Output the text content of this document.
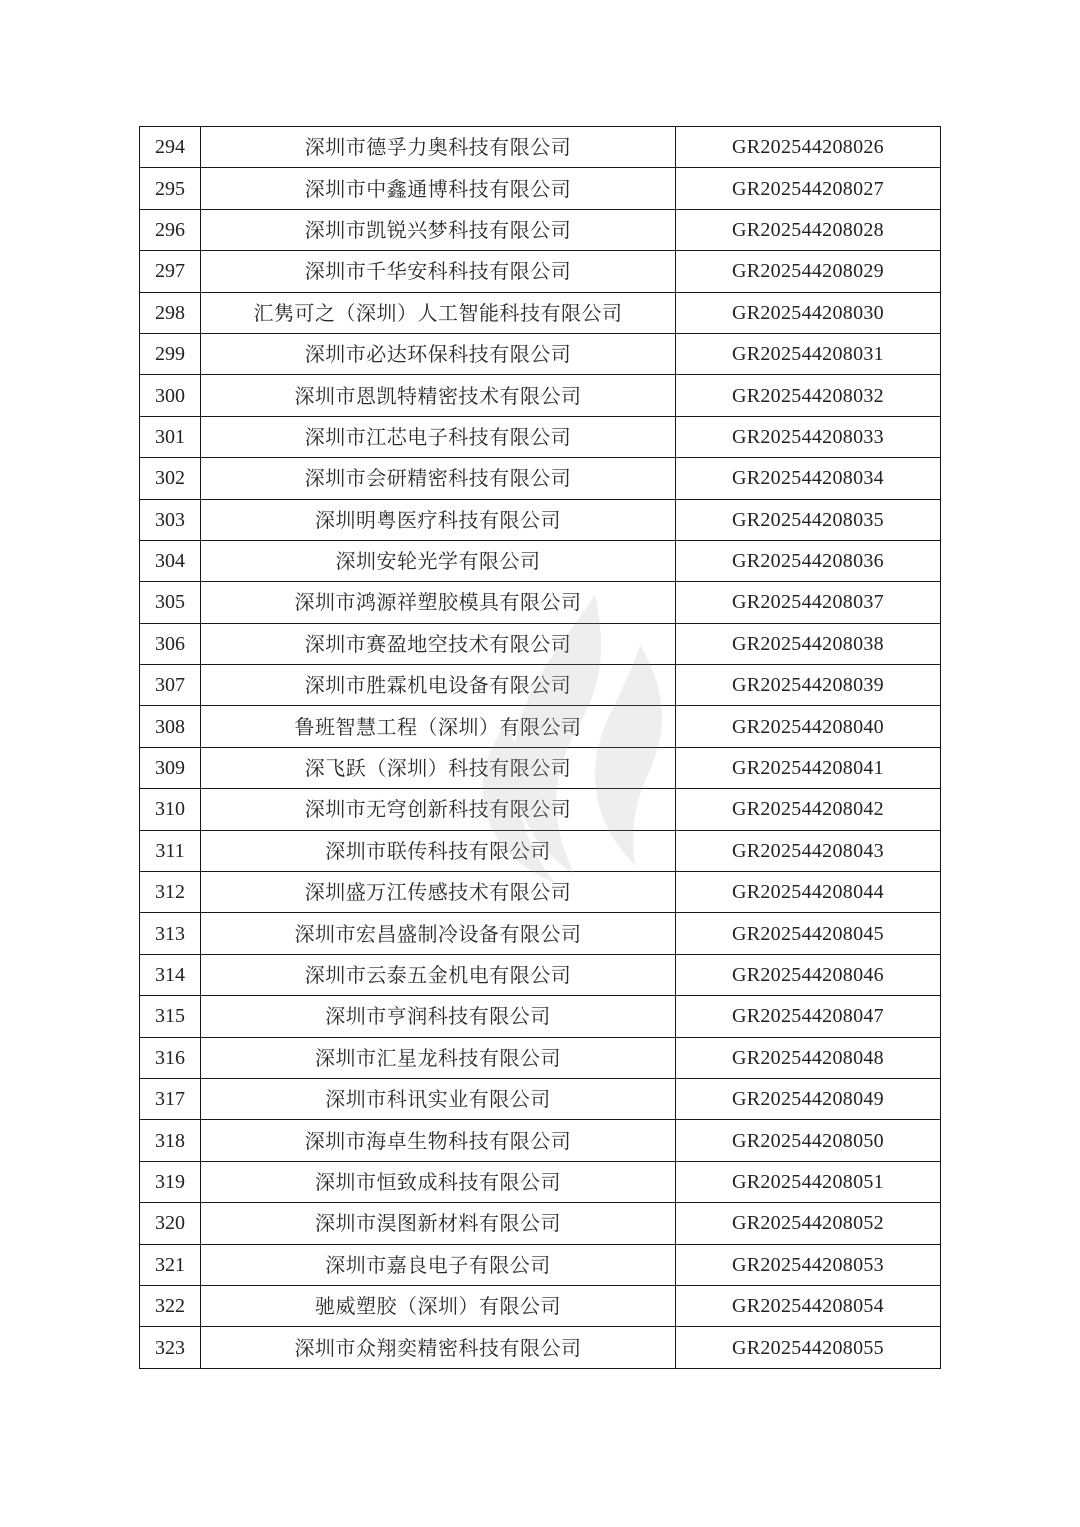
294	深圳市德孚力奥科技有限公司	GR202544208026
295	深圳市中鑫通博科技有限公司	GR202544208027
296	深圳市凯锐兴梦科技有限公司	GR202544208028
297	深圳市千华安科科技有限公司	GR202544208029
298	汇隽可之（深圳）人工智能科技有限公司	GR202544208030
299	深圳市必达环保科技有限公司	GR202544208031
300	深圳市恩凯特精密技术有限公司	GR202544208032
301	深圳市江芯电子科技有限公司	GR202544208033
302	深圳市会研精密科技有限公司	GR202544208034
303	深圳明粤医疗科技有限公司	GR202544208035
304	深圳安轮光学有限公司	GR202544208036
305	深圳市鸿源祥塑胶模具有限公司	GR202544208037
306	深圳市赛盈地空技术有限公司	GR202544208038
307	深圳市胜霖机电设备有限公司	GR202544208039
308	鲁班智慧工程（深圳）有限公司	GR202544208040
309	深飞跃（深圳）科技有限公司	GR202544208041
310	深圳市无穹创新科技有限公司	GR202544208042
311	深圳市联传科技有限公司	GR202544208043
312	深圳盛万江传感技术有限公司	GR202544208044
313	深圳市宏昌盛制冷设备有限公司	GR202544208045
314	深圳市云泰五金机电有限公司	GR202544208046
315	深圳市亨润科技有限公司	GR202544208047
316	深圳市汇星龙科技有限公司	GR202544208048
317	深圳市科讯实业有限公司	GR202544208049
318	深圳市海卓生物科技有限公司	GR202544208050
319	深圳市恒致成科技有限公司	GR202544208051
320	深圳市淏图新材料有限公司	GR202544208052
321	深圳市嘉良电子有限公司	GR202544208053
322	驰威塑胶（深圳）有限公司	GR202544208054
323	深圳市众翔奕精密科技有限公司	GR202544208055
